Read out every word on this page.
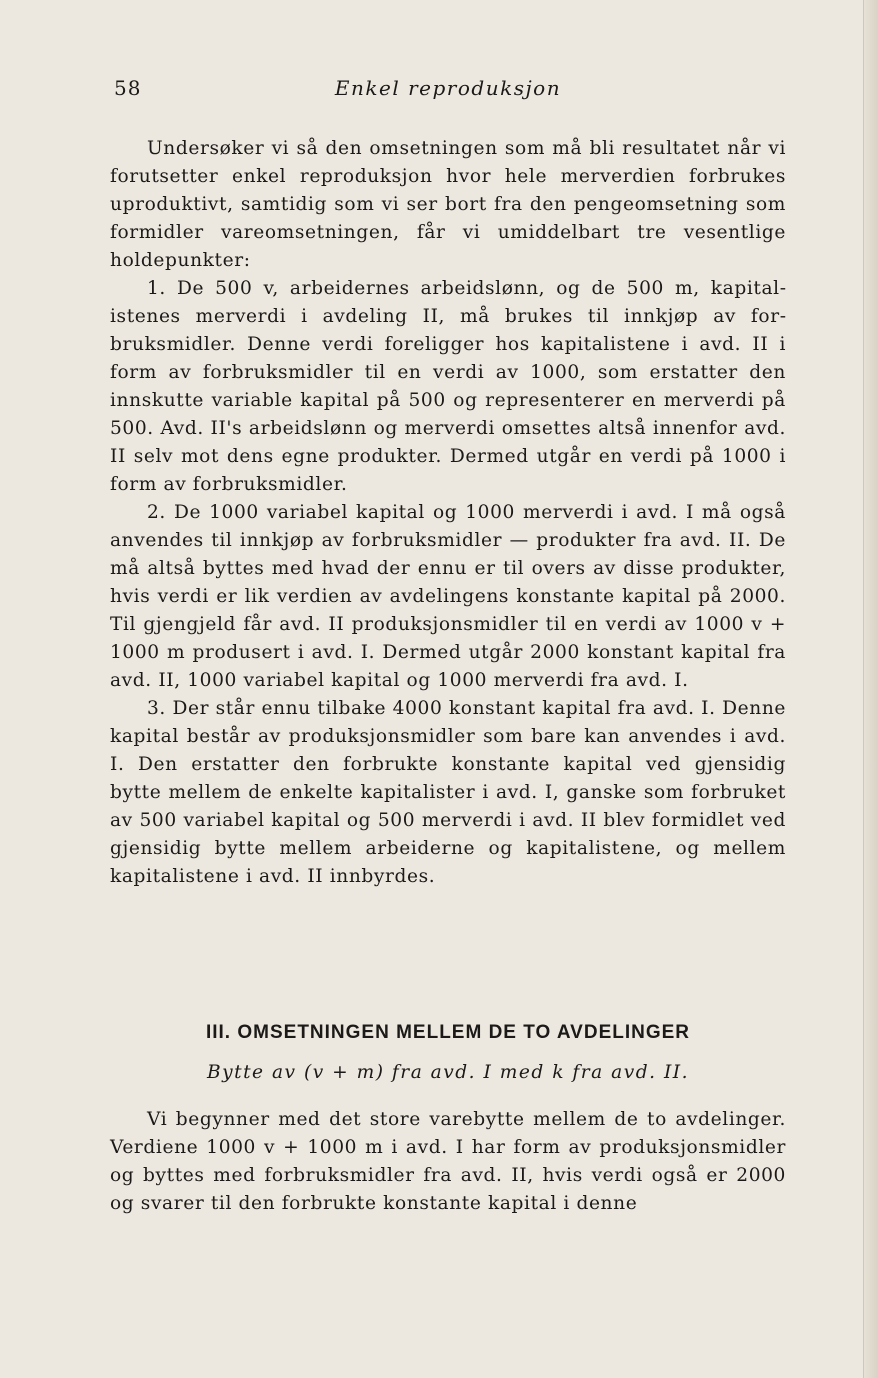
58	Enkel reproduksjon

Undersøker vi så den omsetningen som må bli resultatet når vi forutsetter enkel reproduksjon hvor hele merverdien forbrukes uproduktivt, samtidig som vi ser bort fra den pengeomsetning som formidler vareomsetningen, får vi umiddelbart tre vesentlige holdepunkter:

1. De 500 v, arbeidernes arbeidslønn, og de 500 m, kapitalistenes merverdi i avdeling II, må brukes til innkjøp av forbruksmidler. Denne verdi foreligger hos kapitalistene i avd. II i form av forbruksmidler til en verdi av 1000, som erstatter den innskutte variable kapital på 500 og representerer en merverdi på 500. Avd. II's arbeidslønn og merverdi omsettes altså innenfor avd. II selv mot dens egne produkter. Dermed utgår en verdi på 1000 i form av forbruksmidler.

2. De 1000 variabel kapital og 1000 merverdi i avd. I må også anvendes til innkjøp av forbruksmidler — produkter fra avd. II. De må altså byttes med hvad der ennu er til overs av disse produkter, hvis verdi er lik verdien av avdelingens konstante kapital på 2000. Til gjengjeld får avd. II produksjonsmidler til en verdi av 1000 v + 1000 m produsert i avd. I. Dermed utgår 2000 konstant kapital fra avd. II, 1000 variabel kapital og 1000 merverdi fra avd. I.

3. Der står ennu tilbake 4000 konstant kapital fra avd. I. Denne kapital består av produksjonsmidler som bare kan anvendes i avd. I. Den erstatter den forbrukte konstante kapital ved gjensidig bytte mellem de enkelte kapitalister i avd. I, ganske som forbruket av 500 variabel kapital og 500 merverdi i avd. II blev formidlet ved gjensidig bytte mellem arbeiderne og kapitalistene, og mellem kapitalistene i avd. II innbyrdes.

III. OMSETNINGEN MELLEM DE TO AVDELINGER
Bytte av (v + m) fra avd. I med k fra avd. II.

Vi begynner med det store varebytte mellem de to avdelinger. Verdiene 1000 v + 1000 m i avd. I har form av produksjonsmidler og byttes med forbruksmidler fra avd. II, hvis verdi også er 2000 og svarer til den forbrukte konstante kapital i denne
